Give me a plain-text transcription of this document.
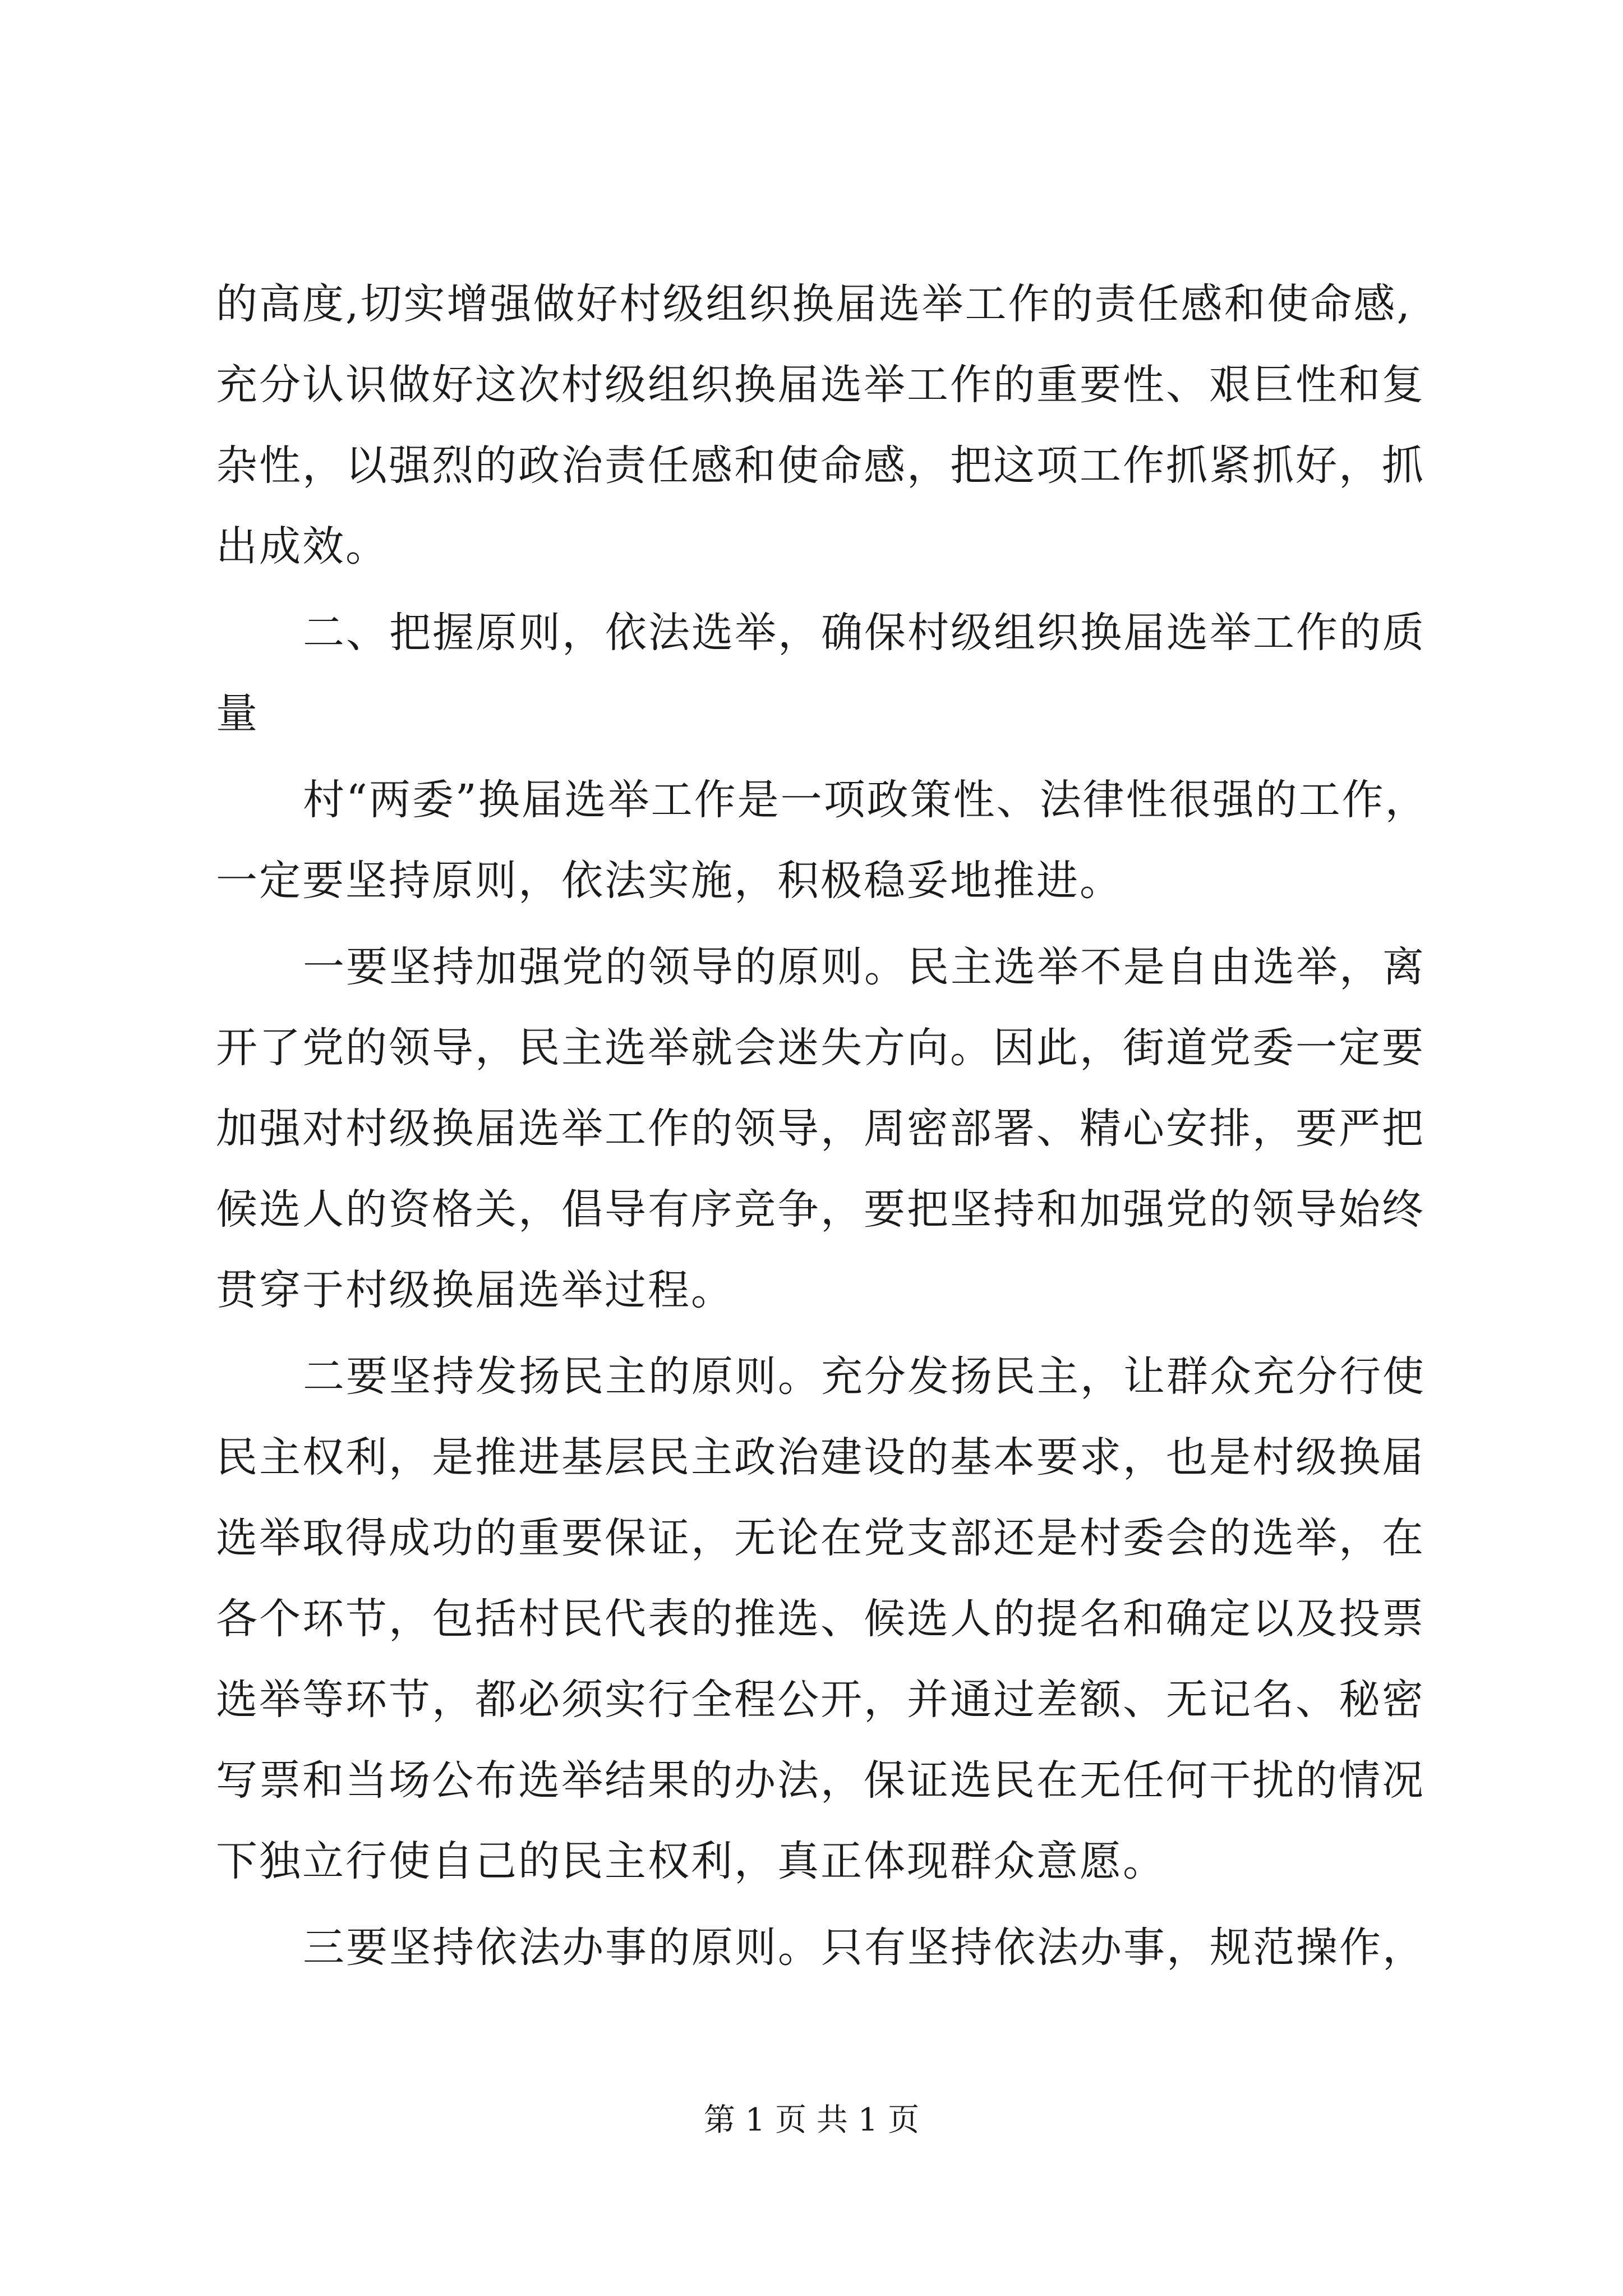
的高度,切实增强做好村级组织换届选举工作的责任感和使命感,
充分认识做好这次村级组织换届选举工作的重要性、艰巨性和复
杂性，以强烈的政治责任感和使命感，把这项工作抓紧抓好，抓
出成效。
二、把握原则，依法选举，确保村级组织换届选举工作的质
量
村“两委”换届选举工作是一项政策性、法律性很强的工作，
一定要坚持原则，依法实施，积极稳妥地推进。
一要坚持加强党的领导的原则。民主选举不是自由选举，离
开了党的领导，民主选举就会迷失方向。因此，街道党委一定要
加强对村级换届选举工作的领导，周密部署、精心安排，要严把
候选人的资格关，倡导有序竞争，要把坚持和加强党的领导始终
贯穿于村级换届选举过程。
二要坚持发扬民主的原则。充分发扬民主，让群众充分行使
民主权利，是推进基层民主政治建设的基本要求，也是村级换届
选举取得成功的重要保证，无论在党支部还是村委会的选举，在
各个环节，包括村民代表的推选、候选人的提名和确定以及投票
选举等环节，都必须实行全程公开，并通过差额、无记名、秘密
写票和当场公布选举结果的办法，保证选民在无任何干扰的情况
下独立行使自己的民主权利，真正体现群众意愿。
三要坚持依法办事的原则。只有坚持依法办事，规范操作，
第 1 页 共 1 页
